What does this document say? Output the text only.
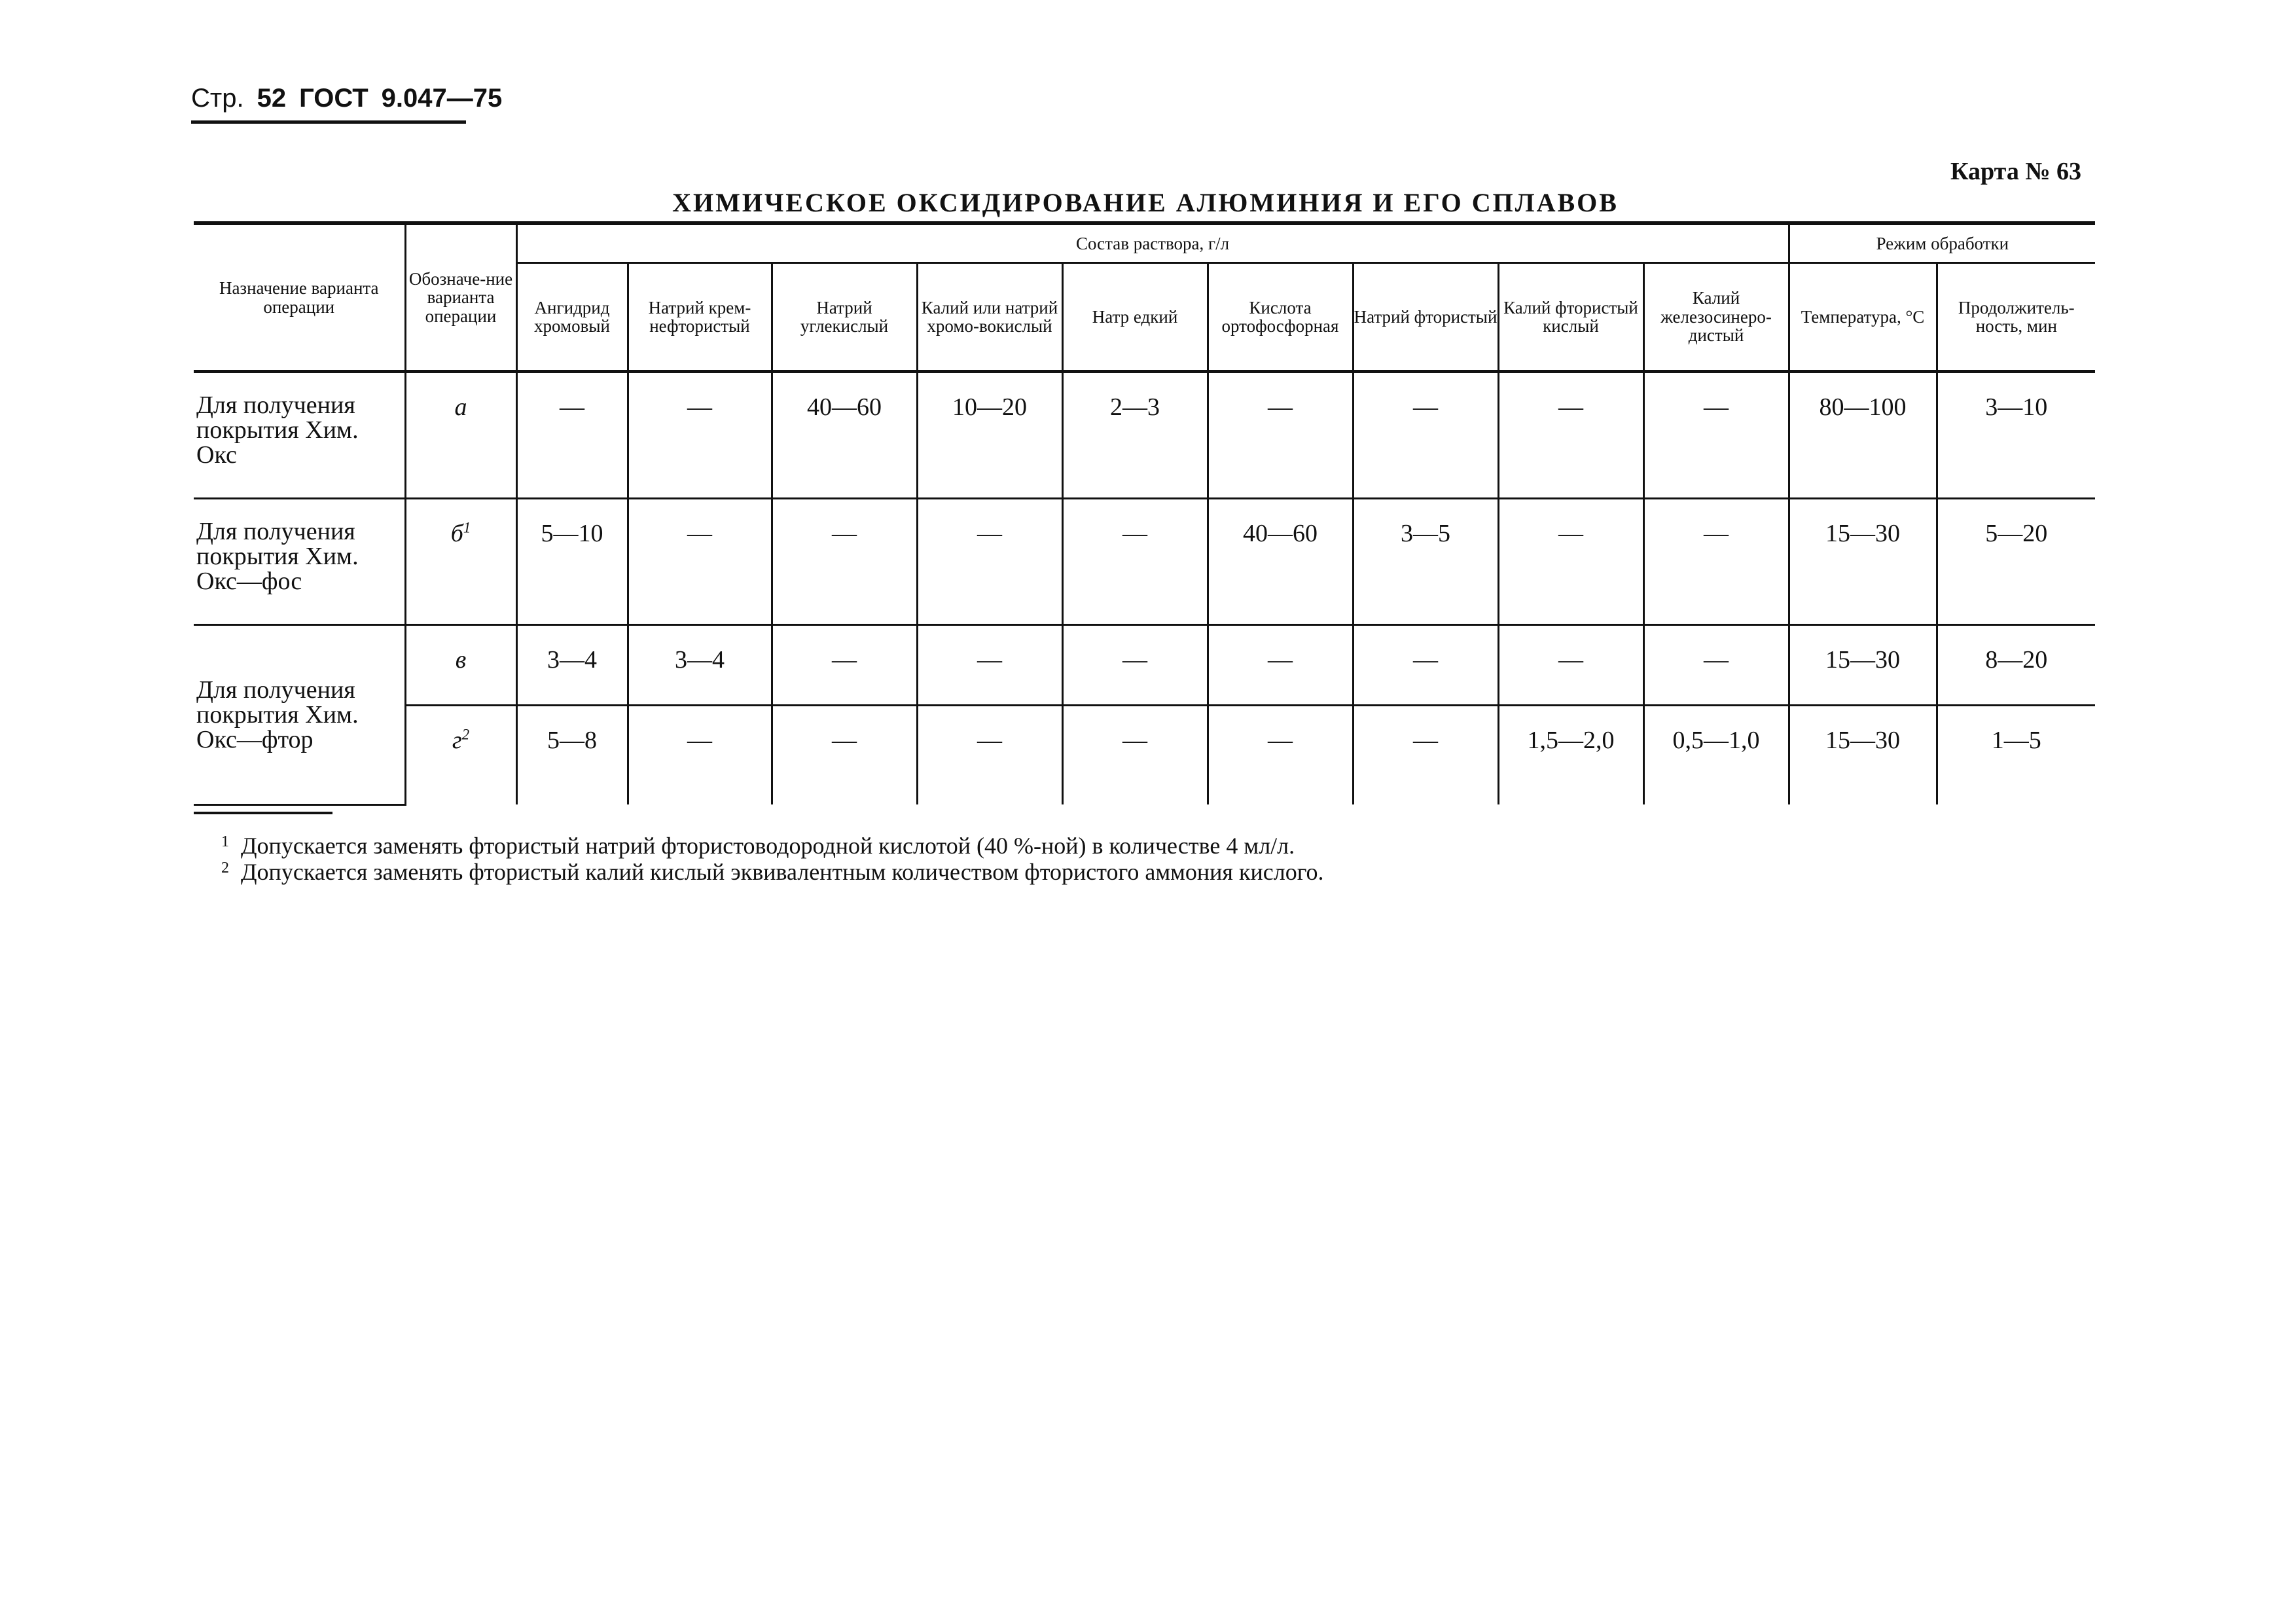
Стр. 52 ГОСТ 9.047—75
Карта № 63
ХИМИЧЕСКОЕ ОКСИДИРОВАНИЕ АЛЮМИНИЯ И ЕГО СПЛАВОВ
Назначение варианта операции	Обозначе-ние варианта операции	Состав раствора, г/л									Режим обработки	
		Ангидрид хромовый	Натрий крем-нефтористый	Натрий углекислый	Калий или натрий хромо-вокислый	Натр едкий	Кислота ортофосфорная	Натрий фтористый	Калий фтористый кислый	Калий железосинеро-дистый	Температура, °С	Продолжитель-ность, мин
Для получения покрытия Хим. Окс	а	—	—	40—60	10—20	2—3	—	—	—	—	80—100	3—10
Для получения покрытия Хим. Окс—фос	$б^1$	5—10	—	—	—	—	40—60	3—5	—	—	15—30	5—20
Для получения покрытия Хим. Окс—фтор	в	3—4	3—4	—	—	—	—	—	—	—	15—30	8—20
	$г^2$	5—8	—	—	—	—	—	—	1,5—2,0	0,5—1,0	15—30	1—5
1 Допускается заменять фтористый натрий фтористоводородной кислотой (40 %-ной) в количестве 4 мл/л.
2 Допускается заменять фтористый калий кислый эквивалентным количеством фтористого аммония кислого.
